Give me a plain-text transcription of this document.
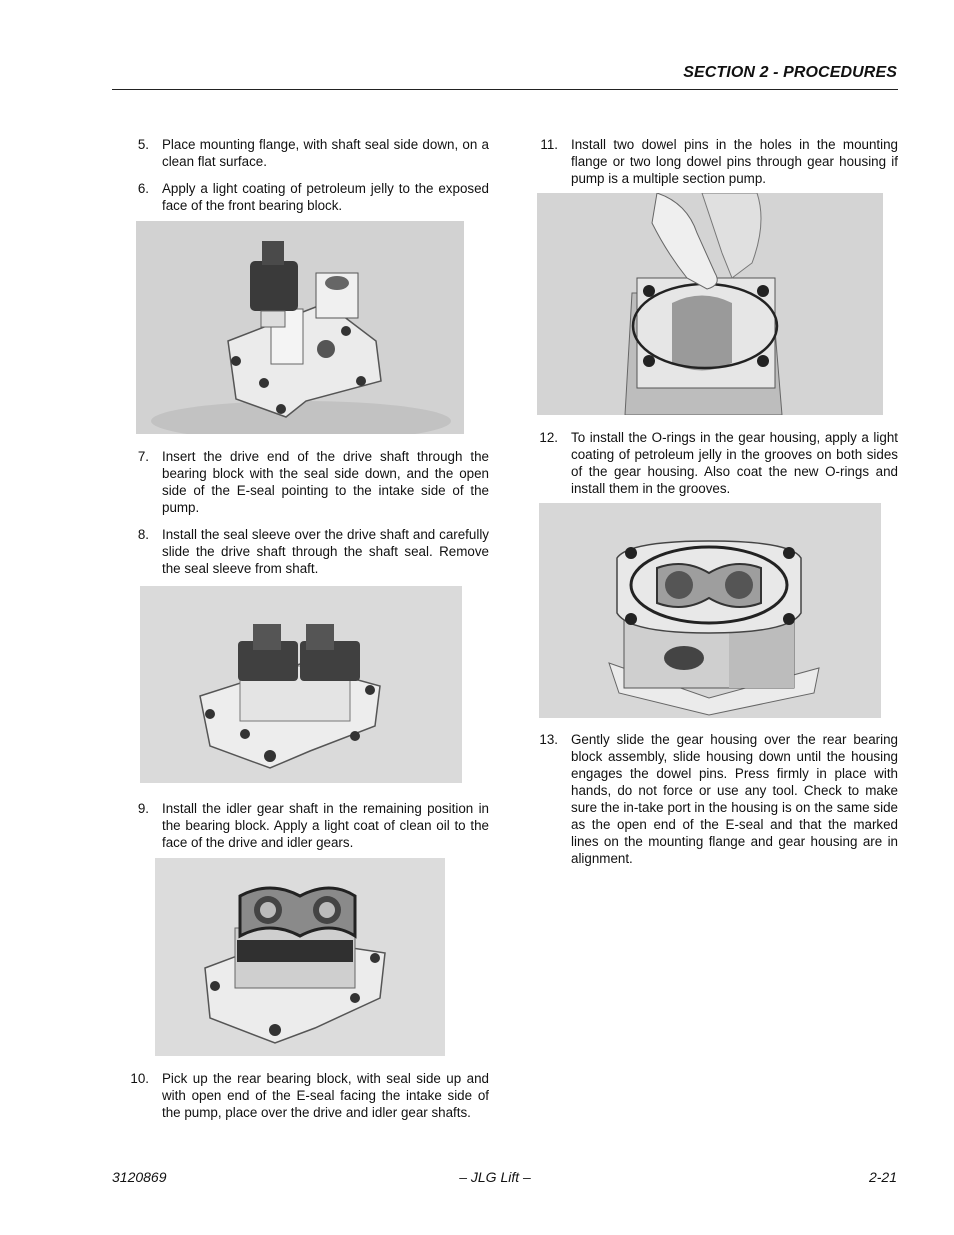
SECTION 2 - PROCEDURES
5. Place mounting flange, with shaft seal side down, on a clean flat surface.
6. Apply a light coating of petroleum jelly to the exposed face of the front bearing block.
7. Insert the drive end of the drive shaft through the bearing block with the seal side down, and the open side of the E-seal pointing to the intake side of the pump.
8. Install the seal sleeve over the drive shaft and carefully slide the drive shaft through the shaft seal. Remove the seal sleeve from shaft.
9. Install the idler gear shaft in the remaining position in the bearing block. Apply a light coat of clean oil to the face of the drive and idler gears.
10. Pick up the rear bearing block, with seal side up and with open end of the E-seal facing the intake side of the pump, place over the drive and idler gear shafts.
11. Install two dowel pins in the holes in the mounting flange or two long dowel pins through gear housing if pump is a multiple section pump.
12. To install the O-rings in the gear housing, apply a light coating of petroleum jelly in the grooves on both sides of the gear housing. Also coat the new O-rings and install them in the grooves.
13. Gently slide the gear housing over the rear bearing block assembly, slide housing down until the housing engages the dowel pins. Press firmly in place with hands, do not force or use any tool. Check to make sure the in-take port in the housing is on the same side as the open end of the E-seal and that the marked lines on the mounting flange and gear housing are in alignment.
3120869	– JLG Lift –	2-21
